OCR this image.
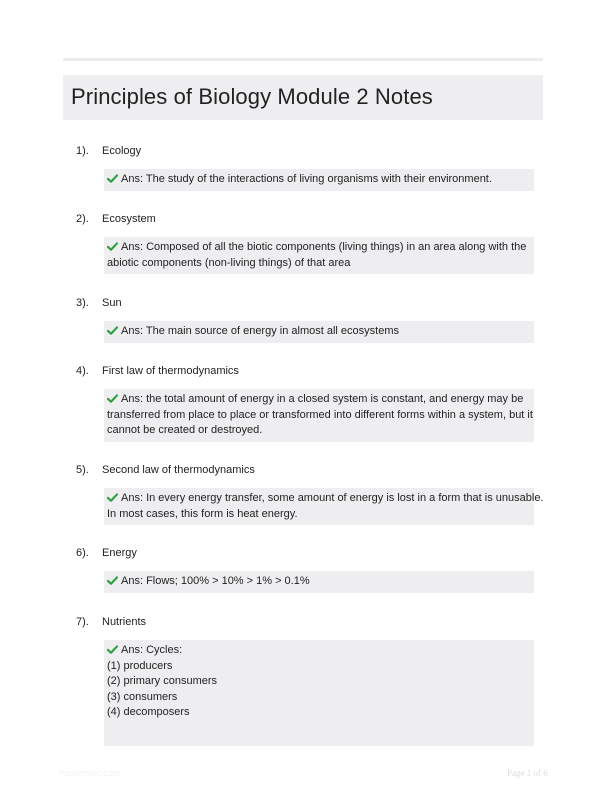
Principles of Biology Module 2 Notes
1). Ecology
Ans: The study of the interactions of living organisms with their environment.
2). Ecosystem
Ans: Composed of all the biotic components (living things) in an area along with the
abiotic components (non-living things) of that area
3). Sun
Ans: The main source of energy in almost all ecosystems
4). First law of thermodynamics
Ans: the total amount of energy in a closed system is constant, and energy may be
transferred from place to place or transformed into different forms within a system, but it
cannot be created or destroyed.
5). Second law of thermodynamics
Ans: In every energy transfer, some amount of energy is lost in a form that is unusable.
In most cases, this form is heat energy.
6). Energy
Ans: Flows; 100% > 10% > 1% > 0.1%
7). Nutrients
Ans: Cycles:
(1) producers
(2) primary consumers
(3) consumers
(4) decomposers
Paperbibic.com	Page 1 of 6
